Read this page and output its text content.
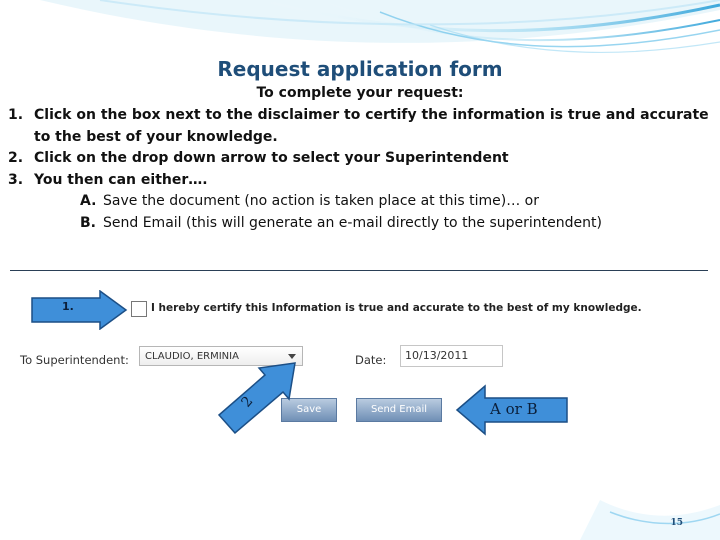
Request application form
To complete your request:
1. Click on the box next to the disclaimer to certify the information is true and accurate to the best of your knowledge.
2. Click on the drop down arrow to select your Superintendent
3. You then can either….
A. Save the document (no action is taken place at this time)… or
B. Send Email (this will generate an e-mail directly to the superintendent)
1.	I hereby certify this Information is true and accurate to the best of my knowledge.
To Superintendent: CLAUDIO, ERMINIA	Date:	10/13/2011
Save	Send Email
2	A or B
15
